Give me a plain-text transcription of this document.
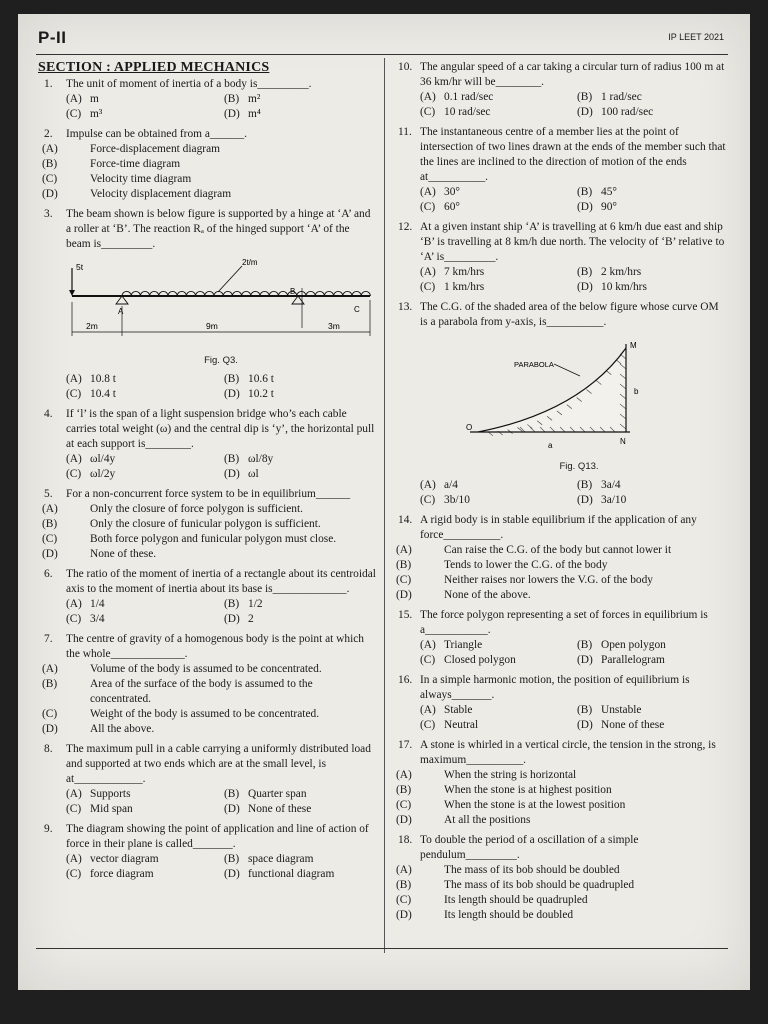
P-II	IP LEET 2021
SECTION : APPLIED MECHANICS
1. The unit of moment of inertia of a body is_________.
(A) m	(B) m²
(C) m³	(D) m⁴
2. Impulse can be obtained from a______.
(A)	Force-displacement diagram
(B)	Force-time diagram
(C)	Velocity time diagram
(D)	Velocity displacement diagram
3. The beam shown is below figure is supported by a hinge at ‘A’ and a roller at ‘B’. The reaction Rₐ of the hinged support ‘A’ of the beam is_________.
5t	2t/m
A
B
C
2m	9m	3m
Fig. Q3.
(A) 10.8 t	(B) 10.6 t
(C) 10.4 t	(D) 10.2 t
4. If ‘l’ is the span of a light suspension bridge who’s each cable carries total weight (ω) and the central dip is ‘y’, the horizontal pull at each support is________.
(A) ωl/4y	(B) ωl/8y
(C) ωl/2y	(D) ωl
5. For a non-concurrent force system to be in equilibrium______
(A)	Only the closure of force polygon is sufficient.
(B)	Only the closure of funicular polygon is sufficient.
(C)	Both force polygon and funicular polygon must close.
(D)	None of these.
6. The ratio of the moment of inertia of a rectangle about its centroidal axis to the moment of inertia about its base is_____________.
(A) 1/4	(B) 1/2
(C) 3/4	(D) 2
7. The centre of gravity of a homogenous body is the point at which the whole_____________.
(A)	Volume of the body is assumed to be concentrated.
(B)	Area of the surface of the body is assumed to the concentrated.
(C)	Weight of the body is assumed to be concentrated.
(D)	All the above.
8. The maximum pull in a cable carrying a uniformly distributed load and supported at two ends which are at the small level, is at____________.
(A) Supports	(B) Quarter span
(C) Mid span	(D) None of these
9. The diagram showing the point of application and line of action of force in their plane is called_______.
(A) vector diagram	(B) space diagram
(C) force diagram	(D) functional diagram
10. The angular speed of a car taking a circular turn of radius 100 m at 36 km/hr will be________.
(A) 0.1 rad/sec	(B) 1 rad/sec
(C) 10 rad/sec	(D) 100 rad/sec
11. The instantaneous centre of a member lies at the point of intersection of two lines drawn at the ends of the member such that the lines are inclined to the direction of motion of the ends at__________.
(A) 30°	(B) 45°
(C) 60°	(D) 90°
12. At a given instant ship ‘A’ is travelling at 6 km/h due east and ship ‘B’ is travelling at 8 km/h due north. The velocity of ‘B’ relative to ‘A’ is_________.
(A) 7 km/hrs	(B) 2 km/hrs
(C) 1 km/hrs	(D) 10 km/hrs
13. The C.G. of the shaded area of the below figure whose curve OM is a parabola from y-axis, is__________.
PARABOLA
M
O
N
a
b
Fig. Q13.
(A) a/4	(B) 3a/4
(C) 3b/10	(D) 3a/10
14. A rigid body is in stable equilibrium if the application of any force__________.
(A)	Can raise the C.G. of the body but cannot lower it
(B)	Tends to lower the C.G. of the body
(C)	Neither raises nor lowers the V.G. of the body
(D)	None of the above.
15. The force polygon representing a set of forces in equilibrium is a___________.
(A) Triangle	(B) Open polygon
(C) Closed polygon	(D) Parallelogram
16. In a simple harmonic motion, the position of equilibrium is always_______.
(A) Stable	(B) Unstable
(C) Neutral	(D) None of these
17. A stone is whirled in a vertical circle, the tension in the strong, is maximum__________.
(A)	When the string is horizontal
(B)	When the stone is at highest position
(C)	When the stone is at the lowest position
(D)	At all the positions
18. To double the period of a oscillation of a simple pendulum_________.
(A)	The mass of its bob should be doubled
(B)	The mass of its bob should be quadrupled
(C)	Its length should be quadrupled
(D)	Its length should be doubled
